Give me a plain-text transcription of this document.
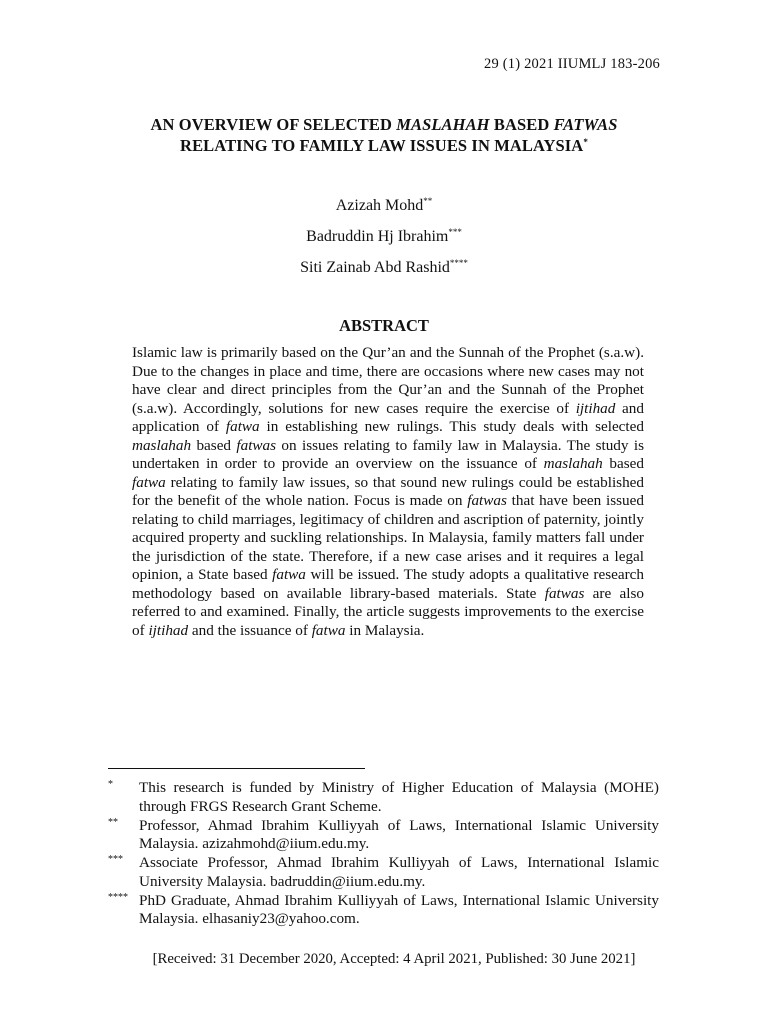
29 (1) 2021 IIUMLJ 183-206
AN OVERVIEW OF SELECTED MASLAHAH BASED FATWAS
RELATING TO FAMILY LAW ISSUES IN MALAYSIA*
Azizah Mohd**
Badruddin Hj Ibrahim***
Siti Zainab Abd Rashid****
ABSTRACT
Islamic law is primarily based on the Qur’an and the Sunnah of the Prophet (s.a.w). Due to the changes in place and time, there are occasions where new cases may not have clear and direct principles from the Qur’an and the Sunnah of the Prophet (s.a.w). Accordingly, solutions for new cases require the exercise of ijtihad and application of fatwa in establishing new rulings. This study deals with selected maslahah based fatwas on issues relating to family law in Malaysia. The study is undertaken in order to provide an overview on the issuance of maslahah based fatwa relating to family law issues, so that sound new rulings could be established for the benefit of the whole nation. Focus is made on fatwas that have been issued relating to child marriages, legitimacy of children and ascription of paternity, jointly acquired property and suckling relationships. In Malaysia, family matters fall under the jurisdiction of the state. Therefore, if a new case arises and it requires a legal opinion, a State based fatwa will be issued. The study adopts a qualitative research methodology based on available library-based materials. State fatwas are also referred to and examined. Finally, the article suggests improvements to the exercise of ijtihad and the issuance of fatwa in Malaysia.
* This research is funded by Ministry of Higher Education of Malaysia (MOHE) through FRGS Research Grant Scheme.
** Professor, Ahmad Ibrahim Kulliyyah of Laws, International Islamic University Malaysia. azizahmohd@iium.edu.my.
*** Associate Professor, Ahmad Ibrahim Kulliyyah of Laws, International Islamic University Malaysia. badruddin@iium.edu.my.
**** PhD Graduate, Ahmad Ibrahim Kulliyyah of Laws, International Islamic University Malaysia. elhasaniy23@yahoo.com.
[Received: 31 December 2020, Accepted: 4 April 2021, Published: 30 June 2021]
